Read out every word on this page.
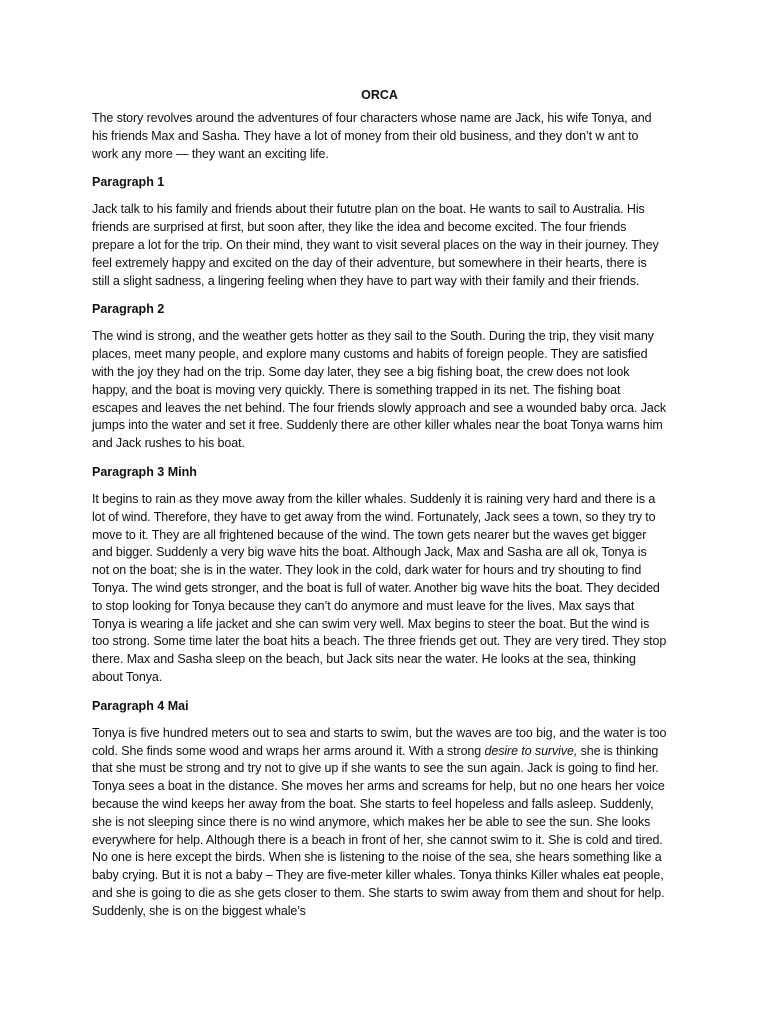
ORCA

The story revolves around the adventures of four characters whose name are Jack, his wife Tonya, and his friends Max and Sasha. They have a lot of money from their old business, and they don’t w ant to work any more — they want an exciting life.

Paragraph 1

Jack talk to his family and friends about their fututre plan on the boat. He wants to sail to Australia. His friends are surprised at first, but soon after, they like the idea and become excited. The four friends prepare a lot for the trip. On their mind, they want to visit several places on the way in their journey. They feel extremely happy and excited on the day of their adventure, but somewhere in their hearts, there is still a slight sadness, a lingering feeling when they have to part way with their family and their friends.

Paragraph 2

The wind is strong, and the weather gets hotter as they sail to the South. During the trip, they visit many places, meet many people, and explore many customs and habits of foreign people. They are satisfied with the joy they had on the trip. Some day later, they see a big fishing boat, the crew does not look happy, and the boat is moving very quickly. There is something trapped in its net. The fishing boat escapes and leaves the net behind. The four friends slowly approach and see a wounded baby orca. Jack jumps into the water and set it free. Suddenly there are other killer whales near the boat Tonya warns him and Jack rushes to his boat.

Paragraph 3 Minh

It begins to rain as they move away from the killer whales. Suddenly it is raining very hard and there is a lot of wind. Therefore, they have to get away from the wind. Fortunately, Jack sees a town, so they try to move to it. They are all frightened because of the wind. The town gets nearer but the waves get bigger and bigger. Suddenly a very big wave hits the boat. Although Jack, Max and Sasha are all ok, Tonya is not on the boat; she is in the water. They look in the cold, dark water for hours and try shouting to find Tonya. The wind gets stronger, and the boat is full of water. Another big wave hits the boat. They decided to stop looking for Tonya because they can’t do anymore and must leave for the lives. Max says that Tonya is wearing a life jacket and she can swim very well. Max begins to steer the boat. But the wind is too strong. Some time later the boat hits a beach. The three friends get out. They are very tired. They stop there. Max and Sasha sleep on the beach, but Jack sits near the water. He looks at the sea, thinking about Tonya.

Paragraph 4 Mai

Tonya is five hundred meters out to sea and starts to swim, but the waves are too big, and the water is too cold. She finds some wood and wraps her arms around it. With a strong desire to survive, she is thinking that she must be strong and try not to give up if she wants to see the sun again. Jack is going to find her. Tonya sees a boat in the distance. She moves her arms and screams for help, but no one hears her voice because the wind keeps her away from the boat. She starts to feel hopeless and falls asleep. Suddenly, she is not sleeping since there is no wind anymore, which makes her be able to see the sun. She looks everywhere for help. Although there is a beach in front of her, she cannot swim to it. She is cold and tired. No one is here except the birds. When she is listening to the noise of the sea, she hears something like a baby crying. But it is not a baby – They are five-meter killer whales. Tonya thinks Killer whales eat people, and she is going to die as she gets closer to them. She starts to swim away from them and shout for help. Suddenly, she is on the biggest whale’s
